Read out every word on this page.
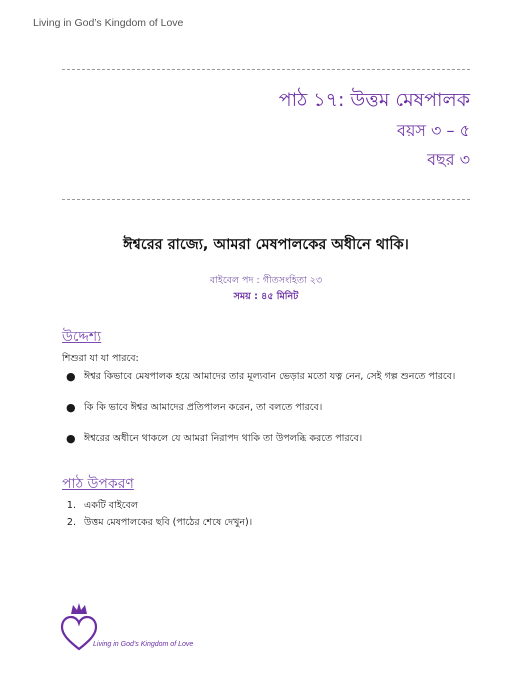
Living in God’s Kingdom of Love
পাঠ ১৭: উত্তম মেষপালক
বয়স ৩ – ৫
বছর ৩
ঈশ্বরের রাজ্যে, আমরা মেষপালকের অধীনে থাকি।
বাইবেল পদ : গীতসংহিতা ২৩
সময় : ৪৫ মিনিট
উদ্দেশ্য
শিশুরা যা যা পারবে:
● ঈশ্বর কিভাবে মেষপালক হয়ে আমাদের তার মূল্যবান ভেড়ার মতো যত্ন নেন, সেই গল্প শুনতে পারবে।
● কি কি ভাবে ঈশ্বর আমাদের প্রতিপালন করেন, তা বলতে পারবে।
● ঈশ্বরের অধীনে থাকলে যে আমরা নিরাপদ থাকি তা উপলব্ধি করতে পারবে।
পাঠ উপকরণ
1. একটি বাইবেল
2. উত্তম মেষপালকের ছবি (পাঠের শেষে দেখুন)।
Living in God’s Kingdom of Love
